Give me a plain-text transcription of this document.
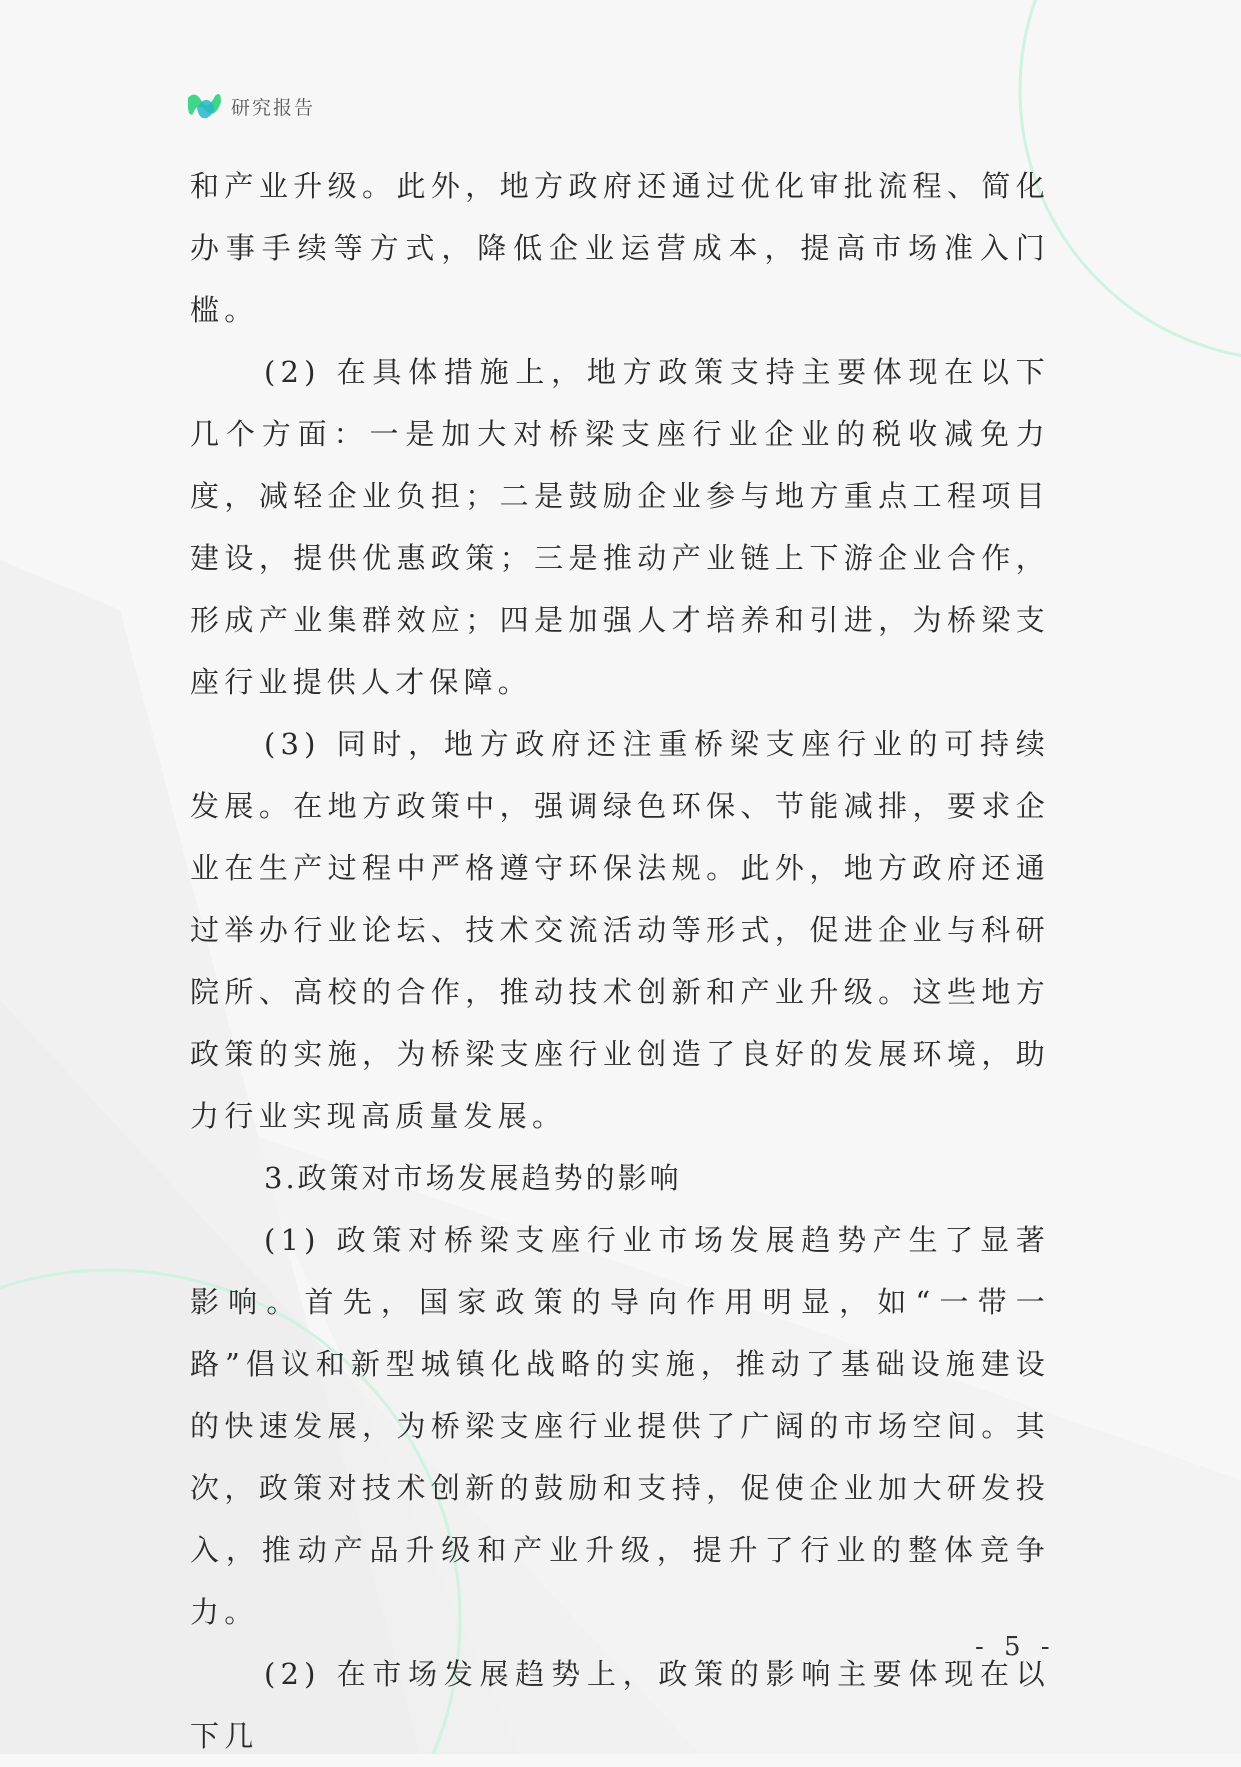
研究报告

和产业升级。此外，地方政府还通过优化审批流程、简化办事手续等方式，降低企业运营成本，提高市场准入门槛。

(2) 在具体措施上，地方政策支持主要体现在以下几个方面：一是加大对桥梁支座行业企业的税收减免力度，减轻企业负担；二是鼓励企业参与地方重点工程项目建设，提供优惠政策；三是推动产业链上下游企业合作，形成产业集群效应；四是加强人才培养和引进，为桥梁支座行业提供人才保障。

(3) 同时，地方政府还注重桥梁支座行业的可持续发展。在地方政策中，强调绿色环保、节能减排，要求企业在生产过程中严格遵守环保法规。此外，地方政府还通过举办行业论坛、技术交流活动等形式，促进企业与科研院所、高校的合作，推动技术创新和产业升级。这些地方政策的实施，为桥梁支座行业创造了良好的发展环境，助力行业实现高质量发展。

3.政策对市场发展趋势的影响

(1) 政策对桥梁支座行业市场发展趋势产生了显著影响。首先，国家政策的导向作用明显，如“一带一路”倡议和新型城镇化战略的实施，推动了基础设施建设的快速发展，为桥梁支座行业提供了广阔的市场空间。其次，政策对技术创新的鼓励和支持，促使企业加大研发投入，推动产品升级和产业升级，提升了行业的整体竞争力。

(2) 在市场发展趋势上，政策的影响主要体现在以下几

- 5 -
